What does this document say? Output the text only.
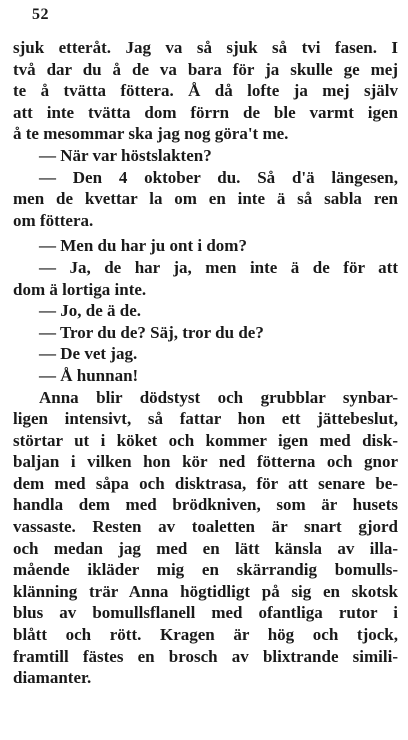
52
sjuk etteråt. Jag va så sjuk så tvi fasen. I
två dar du å de va bara för ja skulle ge mej
te å tvätta föttera. Å då lofte ja mej själv
att inte tvätta dom förrn de ble varmt igen
å te mesommar ska jag nog göra't me.
— När var höstslakten?
— Den 4 oktober du. Så d'ä längesen,
men de kvettar la om en inte ä så sabla ren
om föttera.
— Men du har ju ont i dom?
— Ja, de har ja, men inte ä de för att
dom ä lortiga inte.
— Jo, de ä de.
— Tror du de? Säj, tror du de?
— De vet jag.
— Å hunnan!
Anna blir dödstyst och grubblar synbar-
ligen intensivt, så fattar hon ett jättebeslut,
störtar ut i köket och kommer igen med disk-
baljan i vilken hon kör ned fötterna och gnor
dem med såpa och disktrasa, för att senare be-
handla dem med brödkniven, som är husets
vassaste. Resten av toaletten är snart gjord
och medan jag med en lätt känsla av illa-
mående ikläder mig en skärrandig bomulls-
klänning trär Anna högtidligt på sig en skotsk
blus av bomullsflanell med ofantliga rutor i
blått och rött. Kragen är hög och tjock,
framtill fästes en brosch av blixtrande simili-
diamanter.
